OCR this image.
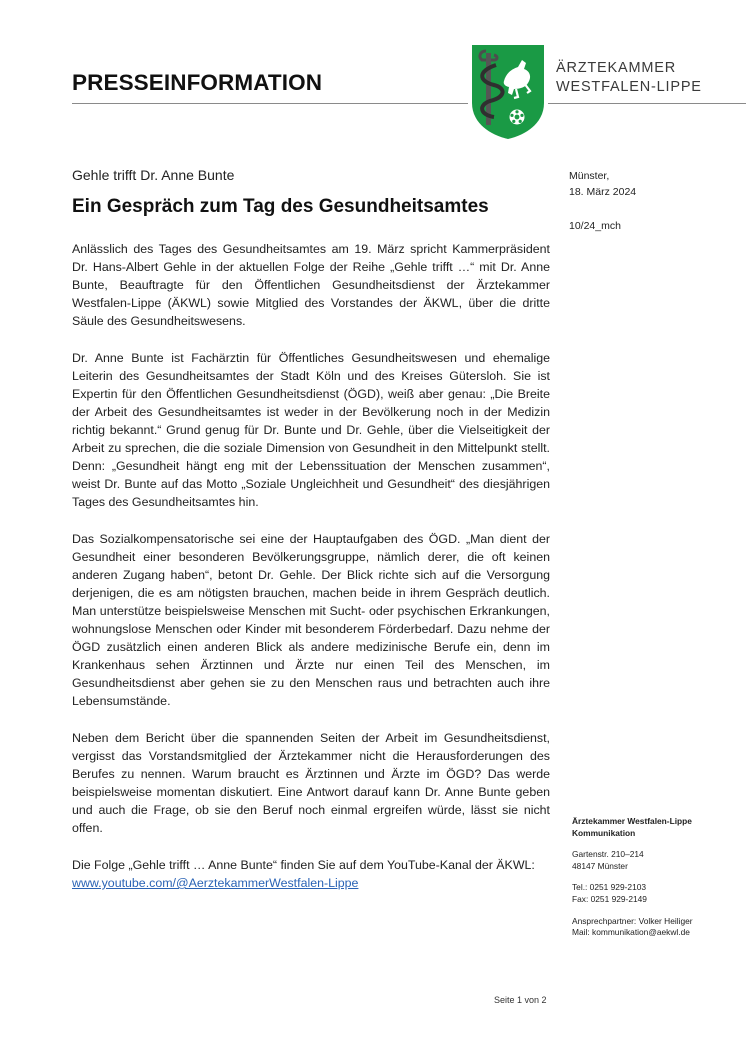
PRESSEINFORMATION
ÄRZTEKAMMER
WESTFALEN-LIPPE
Gehle trifft Dr. Anne Bunte
Ein Gespräch zum Tag des Gesundheitsamtes
Münster,
18. März 2024
10/24_mch

Anlässlich des Tages des Gesundheitsamtes am 19. März spricht Kammerpräsident Dr. Hans-Albert Gehle in der aktuellen Folge der Reihe „Gehle trifft …“ mit Dr. Anne Bunte, Beauftragte für den Öffentlichen Gesundheitsdienst der Ärztekammer Westfalen-Lippe (ÄKWL) sowie Mitglied des Vorstandes der ÄKWL, über die dritte Säule des Gesundheitswesens.

Dr. Anne Bunte ist Fachärztin für Öffentliches Gesundheitswesen und ehemalige Leiterin des Gesundheitsamtes der Stadt Köln und des Kreises Gütersloh. Sie ist Expertin für den Öffentlichen Gesundheitsdienst (ÖGD), weiß aber genau: „Die Breite der Arbeit des Gesundheitsamtes ist weder in der Bevölkerung noch in der Medizin richtig bekannt.“ Grund genug für Dr. Bunte und Dr. Gehle, über die Vielseitigkeit der Arbeit zu sprechen, die die soziale Dimension von Gesundheit in den Mittelpunkt stellt. Denn: „Gesundheit hängt eng mit der Lebenssituation der Menschen zusammen“, weist Dr. Bunte auf das Motto „Soziale Ungleichheit und Gesundheit“ des diesjährigen Tages des Gesundheitsamtes hin.

Das Sozialkompensatorische sei eine der Hauptaufgaben des ÖGD. „Man dient der Gesundheit einer besonderen Bevölkerungsgruppe, nämlich derer, die oft keinen anderen Zugang haben“, betont Dr. Gehle. Der Blick richte sich auf die Versorgung derjenigen, die es am nötigsten brauchen, machen beide in ihrem Gespräch deutlich. Man unterstütze beispielsweise Menschen mit Sucht- oder psychischen Erkrankungen, wohnungslose Menschen oder Kinder mit besonderem Förderbedarf. Dazu nehme der ÖGD zusätzlich einen anderen Blick als andere medizinische Berufe ein, denn im Krankenhaus sehen Ärztinnen und Ärzte nur einen Teil des Menschen, im Gesundheitsdienst aber gehen sie zu den Menschen raus und betrachten auch ihre Lebensumstände.

Neben dem Bericht über die spannenden Seiten der Arbeit im Gesundheitsdienst, vergisst das Vorstandsmitglied der Ärztekammer nicht die Herausforderungen des Berufes zu nennen. Warum braucht es Ärztinnen und Ärzte im ÖGD? Das werde beispielsweise momentan diskutiert. Eine Antwort darauf kann Dr. Anne Bunte geben und auch die Frage, ob sie den Beruf noch einmal ergreifen würde, lässt sie nicht offen.

Die Folge „Gehle trifft … Anne Bunte“ finden Sie auf dem YouTube-Kanal der ÄKWL:
www.youtube.com/@AerztekammerWestfalen-Lippe
Ärztekammer Westfalen-Lippe
Kommunikation
Gartenstr. 210–214
48147 Münster
Tel.: 0251 929-2103
Fax: 0251 929-2149
Ansprechpartner: Volker Heiliger
Mail: kommunikation@aekwl.de
Seite 1 von 2
